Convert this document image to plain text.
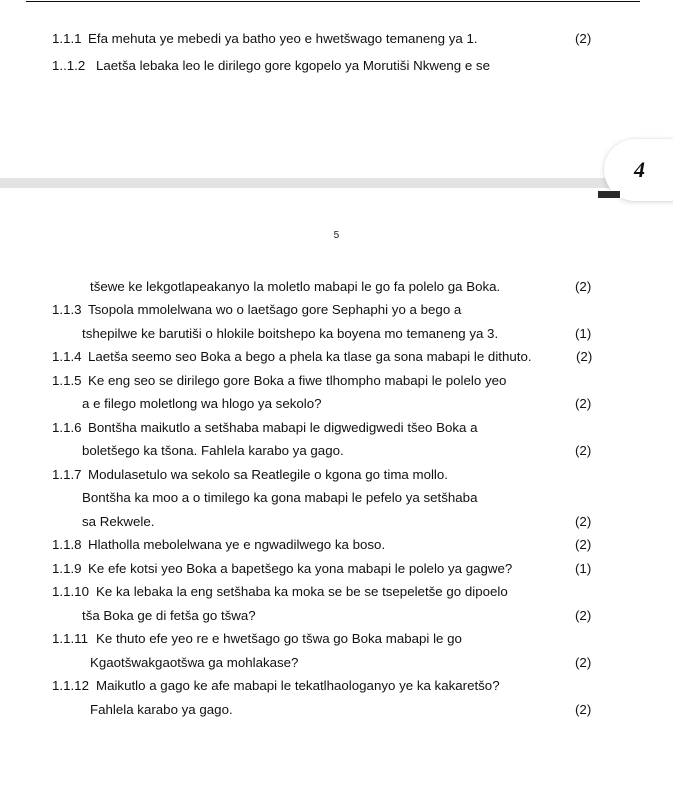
1.1.1 Efa mehuta ye mebedi ya batho yeo e hwetšwago temaneng ya 1.	(2)
1..1.2 Laetša lebaka leo le dirilego gore kgopelo ya Morutiši Nkweng e se
5
tšewe ke lekgotlapeakanyo la moletlo mabapi le go fa polelo ga Boka.	(2)
1.1.3 Tsopola mmolelwana wo o laetšago gore Sephaphi yo a bego a
tshepilwe ke barutiši o hlokile boitshepo ka boyena mo temaneng ya 3.	(1)
1.1.4 Laetša seemo seo Boka a bego a phela ka tlase ga sona mabapi le dithuto.	(2)
1.1.5 Ke eng seo se dirilego gore Boka a fiwe tlhompho mabapi le polelo yeo
a e filego moletlong wa hlogo ya sekolo?	(2)
1.1.6 Bontšha maikutlo a setšhaba mabapi le digwedigwedi tšeo Boka a
boletšego ka tšona. Fahlela karabo ya gago.	(2)
1.1.7 Modulasetulo wa sekolo sa Reatlegile o kgona go tima mollo.
Bontšha ka moo a o timilego ka gona mabapi le pefelo ya setšhaba
sa Rekwele.	(2)
1.1.8 Hlatholla mebolelwana ye e ngwadilwego ka boso.	(2)
1.1.9 Ke efe kotsi yeo Boka a bapetšego ka yona mabapi le polelo ya gagwe?	(1)
1.1.10 Ke ka lebaka la eng setšhaba ka moka se be se tsepeletše go dipoelo
tša Boka ge di fetša go tšwa?	(2)
1.1.11 Ke thuto efe yeo re e hwetšago go tšwa go Boka mabapi le go
Kgaotšwakgaotšwa ga mohlakase?	(2)
1.1.12 Maikutlo a gago ke afe mabapi le tekatlhaologanyo ye ka kakaretšo?
Fahlela karabo ya gago.	(2)
4
